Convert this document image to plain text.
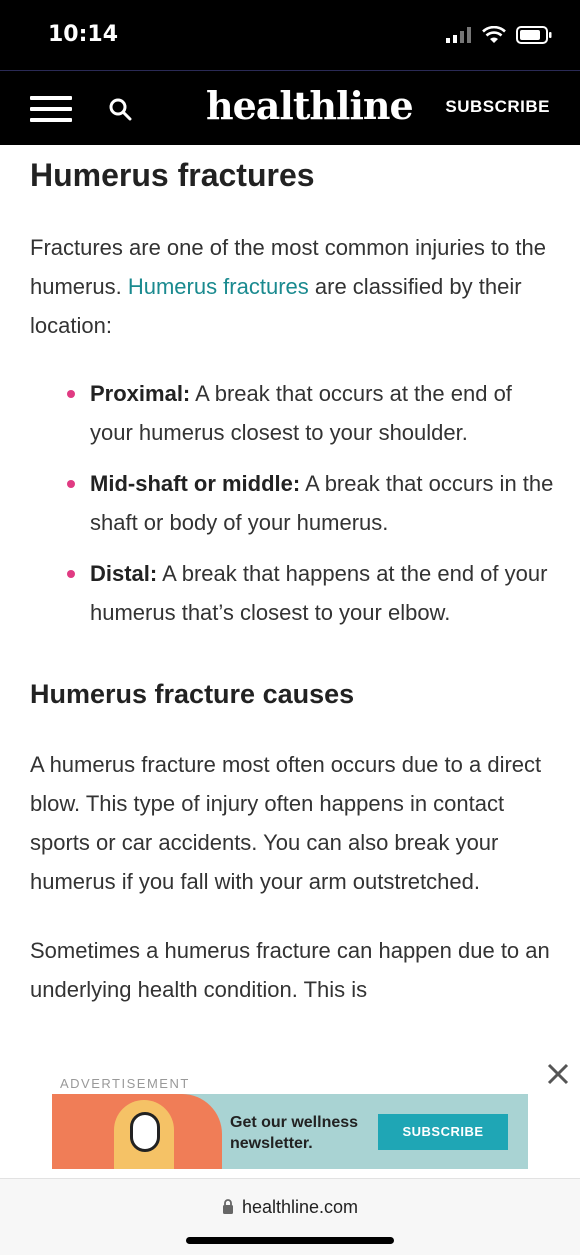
10:14
healthline SUBSCRIBE
Humerus fractures

Fractures are one of the most common injuries to the humerus. Humerus fractures are classified by their location:

Proximal: A break that occurs at the end of your humerus closest to your shoulder.
Mid-shaft or middle: A break that occurs in the shaft or body of your humerus.
Distal: A break that happens at the end of your humerus that’s closest to your elbow.
Humerus fracture causes

A humerus fracture most often occurs due to a direct blow. This type of injury often happens in contact sports or car accidents. You can also break your humerus if you fall with your arm outstretched.

Sometimes a humerus fracture can happen due to an underlying health condition. This is

ADVERTISEMENT
Get our wellness
newsletter.
SUBSCRIBE
healthline.com
